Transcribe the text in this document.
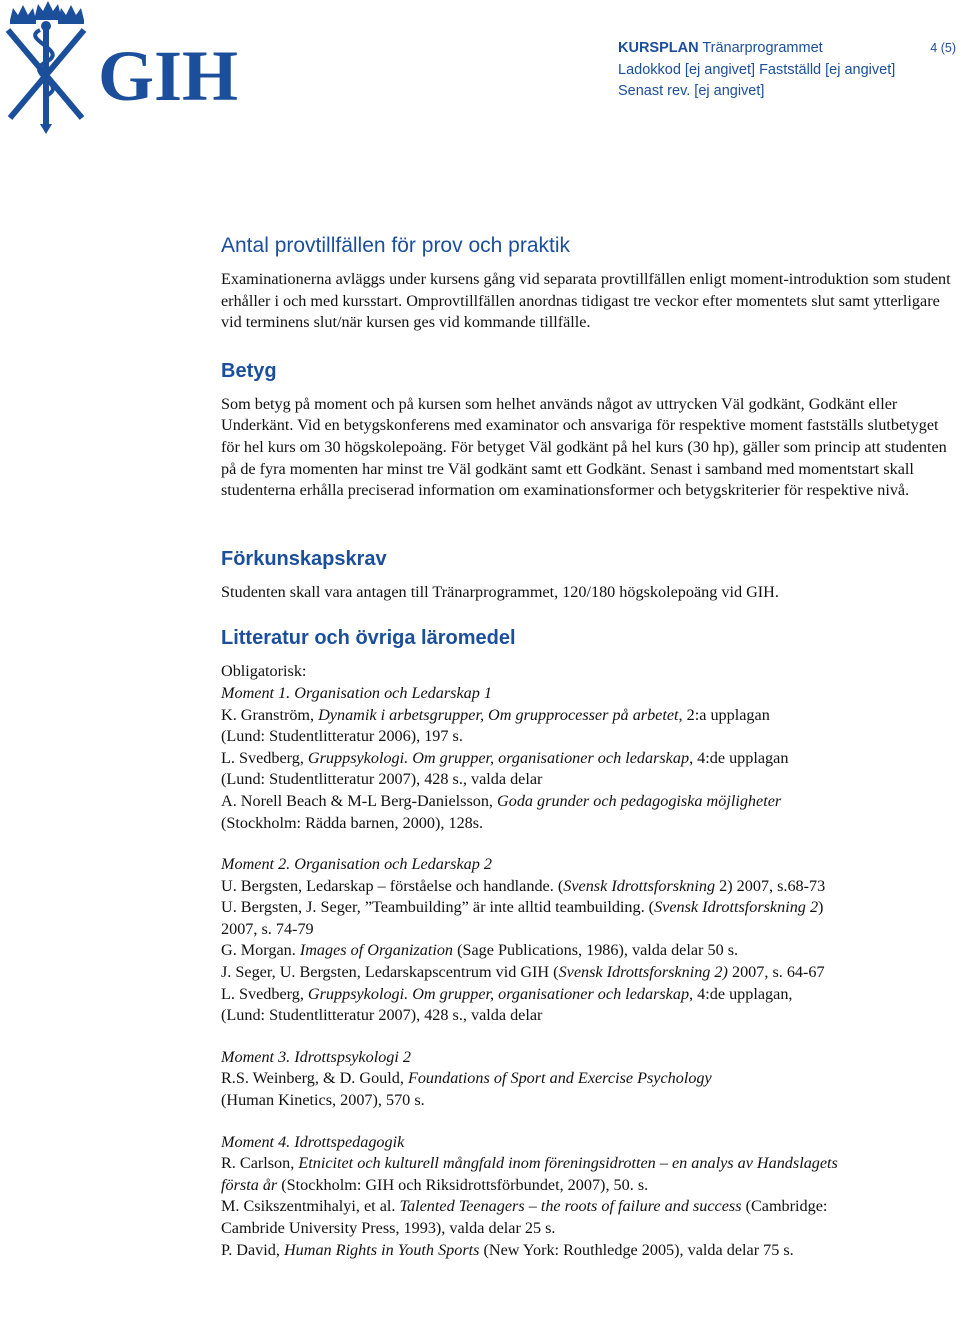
GIH	KURSPLAN Tränarprogrammet
Ladokkod [ej angivet] Fastställd [ej angivet]
Senast rev. [ej angivet]
4 (5)
Antal provtillfällen för prov och praktik

Examinationerna avläggs under kursens gång vid separata provtillfällen enligt moment-introduktion som student erhåller i och med kursstart. Omprovtillfällen anordnas tidigast tre veckor efter momentets slut samt ytterligare vid terminens slut/när kursen ges vid kommande tillfälle.

Betyg

Som betyg på moment och på kursen som helhet används något av uttrycken Väl godkänt, Godkänt eller Underkänt. Vid en betygskonferens med examinator och ansvariga för respektive moment fastställs slutbetyget för hel kurs om 30 högskolepoäng. För betyget Väl godkänt på hel kurs (30 hp), gäller som princip att studenten på de fyra momenten har minst tre Väl godkänt samt ett Godkänt. Senast i samband med momentstart skall studenterna erhålla preciserad information om examinationsformer och betygskriterier för respektive nivå.

Förkunskapskrav

Studenten skall vara antagen till Tränarprogrammet, 120/180 högskolepoäng vid GIH.

Litteratur och övriga läromedel

Obligatorisk:

Moment 1. Organisation och Ledarskap 1

K. Granström, Dynamik i arbetsgrupper, Om grupprocesser på arbetet, 2:a upplagan

(Lund: Studentlitteratur 2006), 197 s.

L. Svedberg, Gruppsykologi. Om grupper, organisationer och ledarskap, 4:de upplagan

(Lund: Studentlitteratur 2007), 428 s., valda delar

A. Norell Beach & M-L Berg-Danielsson, Goda grunder och pedagogiska möjligheter

(Stockholm: Rädda barnen, 2000), 128s.

Moment 2. Organisation och Ledarskap 2

U. Bergsten, Ledarskap – förståelse och handlande. (Svensk Idrottsforskning 2) 2007, s.68-73

U. Bergsten, J. Seger, ”Teambuilding” är inte alltid teambuilding. (Svensk Idrottsforskning 2)

2007, s. 74-79

G. Morgan. Images of Organization (Sage Publications, 1986), valda delar 50 s.

J. Seger, U. Bergsten, Ledarskapscentrum vid GIH (Svensk Idrottsforskning 2) 2007, s. 64-67

L. Svedberg, Gruppsykologi. Om grupper, organisationer och ledarskap, 4:de upplagan,

(Lund: Studentlitteratur 2007), 428 s., valda delar

Moment 3. Idrottspsykologi 2

R.S. Weinberg, & D. Gould, Foundations of Sport and Exercise Psychology

(Human Kinetics, 2007), 570 s.

Moment 4. Idrottspedagogik

R. Carlson, Etnicitet och kulturell mångfald inom föreningsidrotten – en analys av Handslagets

första år (Stockholm: GIH och Riksidrottsförbundet, 2007), 50. s.

M. Csikszentmihalyi, et al. Talented Teenagers – the roots of failure and success (Cambridge:

Cambride University Press, 1993), valda delar 25 s.

P. David, Human Rights in Youth Sports (New York: Routhledge 2005), valda delar 75 s.
